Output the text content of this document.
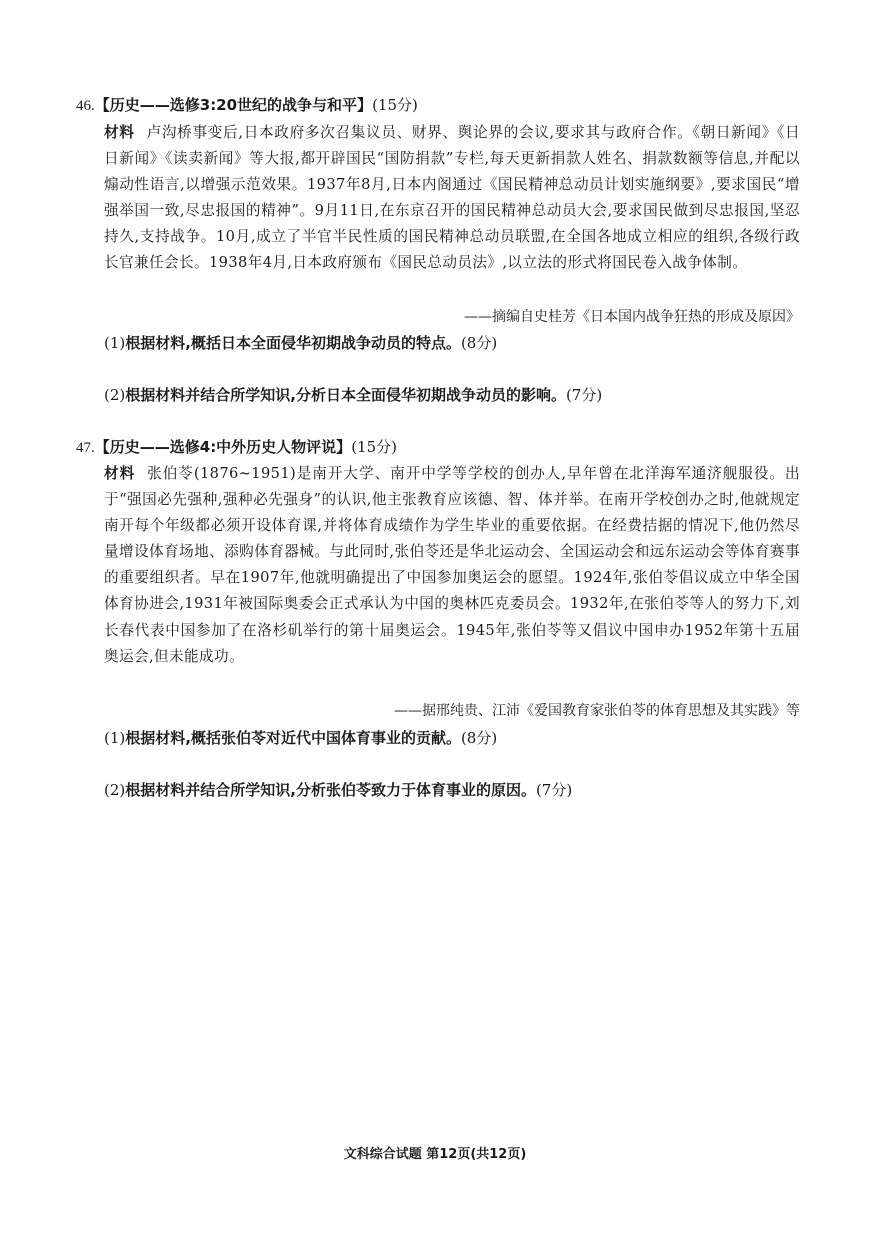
46.【历史——选修3:20世纪的战争与和平】(15分)
材料 卢沟桥事变后,日本政府多次召集议员、财界、舆论界的会议,要求其与政府合作。《朝日新闻》《日日新闻》《读卖新闻》等大报,都开辟国民“国防捐款”专栏,每天更新捐款人姓名、捐款数额等信息,并配以煽动性语言,以增强示范效果。1937年8月,日本内阁通过《国民精神总动员计划实施纲要》,要求国民“增强举国一致,尽忠报国的精神”。9月11日,在东京召开的国民精神总动员大会,要求国民做到尽忠报国,坚忍持久,支持战争。10月,成立了半官半民性质的国民精神总动员联盟,在全国各地成立相应的组织,各级行政长官兼任会长。1938年4月,日本政府颁布《国民总动员法》,以立法的形式将国民卷入战争体制。
——摘编自史桂芳《日本国内战争狂热的形成及原因》
(1)根据材料,概括日本全面侵华初期战争动员的特点。(8分)
(2)根据材料并结合所学知识,分析日本全面侵华初期战争动员的影响。(7分)
47.【历史——选修4:中外历史人物评说】(15分)
材料 张伯苓(1876~1951)是南开大学、南开中学等学校的创办人,早年曾在北洋海军通济舰服役。出于“强国必先强种,强种必先强身”的认识,他主张教育应该德、智、体并举。在南开学校创办之时,他就规定南开每个年级都必须开设体育课,并将体育成绩作为学生毕业的重要依据。在经费拮据的情况下,他仍然尽量增设体育场地、添购体育器械。与此同时,张伯苓还是华北运动会、全国运动会和远东运动会等体育赛事的重要组织者。早在1907年,他就明确提出了中国参加奥运会的愿望。1924年,张伯苓倡议成立中华全国体育协进会,1931年被国际奥委会正式承认为中国的奥林匹克委员会。1932年,在张伯苓等人的努力下,刘长春代表中国参加了在洛杉矶举行的第十届奥运会。1945年,张伯苓等又倡议中国申办1952年第十五届奥运会,但未能成功。
——据邢纯贵、江沛《爱国教育家张伯苓的体育思想及其实践》等
(1)根据材料,概括张伯苓对近代中国体育事业的贡献。(8分)
(2)根据材料并结合所学知识,分析张伯苓致力于体育事业的原因。(7分)
文科综合试题 第12页(共12页)
